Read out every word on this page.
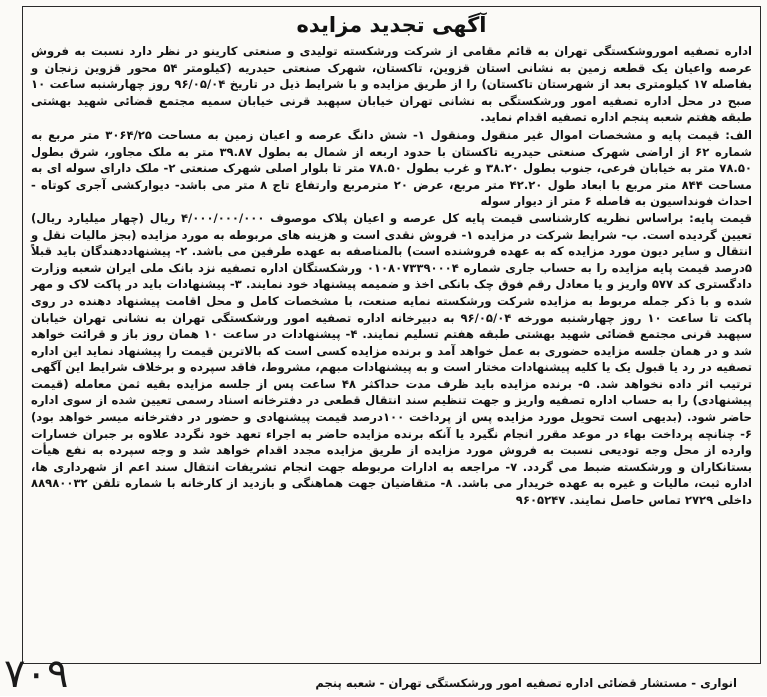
آگهی تجدید مزایده

اداره تصفیه اموروشکستگی تهران به قائم مقامی از شرکت ورشکسته تولیدی و صنعتی کارینو در نظر دارد نسبت به فروش عرصه واعیان یک قطعه زمین به نشانی استان قزوین، تاکستان، شهرک صنعتی حیدریه (کیلومتر ۵۴ محور قزوین زنجان و بفاصله ۱۷ کیلومتری بعد از شهرستان تاکستان) را از طریق مزایده و با شرایط ذیل در تاریخ ۹۶/۰۵/۰۴ روز چهارشنبه ساعت ۱۰ صبح در محل اداره تصفیه امور ورشکستگی به نشانی تهران خیابان سپهبد قرنی خیابان سمیه مجتمع قضائی شهید بهشتی طبقه هفتم شعبه پنجم اداره تصفیه اقدام نماید.

الف: قیمت پایه و مشخصات اموال غیر منقول ومنقول ۱- شش دانگ عرصه و اعیان زمین به مساحت ۳۰۶۴/۲۵ متر مربع به شماره ۶۲ از اراضی شهرک صنعتی حیدریه تاکستان با حدود اربعه از شمال به بطول ۳۹.۸۷ متر به ملک مجاور، شرق بطول ۷۸.۵۰ متر به خیابان فرعی، جنوب بطول ۳۸.۲۰ و غرب بطول ۷۸.۵۰ متر تا بلوار اصلی شهرک صنعتی ۲- ملک دارای سوله ای به مساحت ۸۴۴ متر مربع با ابعاد طول ۴۲.۲۰ متر مربع، عرض ۲۰ مترمربع وارتفاع تاج ۸ متر می باشد- دیوارکشی آجری کوتاه - احداث فونداسیون به فاصله ۶ متر از دیوار سوله

قیمت پایه: براساس نظریه کارشناسی قیمت پایه کل عرصه و اعیان پلاک موصوف ۴/۰۰۰/۰۰۰/۰۰۰ ریال (چهار میلیارد ریال) تعیین گردیده است. ب- شرایط شرکت در مزایده ۱- فروش نقدی است و هزینه های مربوطه به مورد مزایده (بجز مالیات نقل و انتقال و سایر دیون مورد مزایده که به عهده فروشنده است) بالمناصفه به عهده طرفین می باشد. ۲- پیشنهاددهندگان باید قبلاً ۵درصد قیمت پایه مزایده را به حساب جاری شماره ۰۱۰۸۰۷۳۳۹۰۰۰۴ ورشکستگان اداره تصفیه نزد بانک ملی ایران شعبه وزارت دادگستری کد ۵۷۷ واریز و یا معادل رقم فوق چک بانکی اخذ و ضمیمه پیشنهاد خود نمایند. ۳- پیشنهادات باید در پاکت لاک و مهر شده و با ذکر جمله مربوط به مزایده شرکت ورشکسته نمایه صنعت، با مشخصات کامل و محل اقامت پیشنهاد دهنده در روی پاکت تا ساعت ۱۰ روز چهارشنبه مورخه ۹۶/۰۵/۰۴ به دبیرخانه اداره تصفیه امور ورشکستگی تهران به نشانی تهران خیابان سپهبد قرنی مجتمع قضائی شهید بهشتی طبقه هفتم تسلیم نمایند. ۴- پیشنهادات در ساعت ۱۰ همان روز باز و قرائت خواهد شد و در همان جلسه مزایده حضوری به عمل خواهد آمد و برنده مزایده کسی است که بالاترین قیمت را پیشنهاد نماید این اداره تصفیه در رد یا قبول یک یا کلیه پیشنهادات مختار است و به پیشنهادات مبهم، مشروط، فاقد سپرده و برخلاف شرایط این آگهی ترتیب اثر داده نخواهد شد. ۵- برنده مزایده باید ظرف مدت حداکثر ۴۸ ساعت پس از جلسه مزایده بقیه ثمن معامله (قیمت پیشنهادی) را به حساب اداره تصفیه واریز و جهت تنظیم سند انتقال قطعی در دفترخانه اسناد رسمی تعیین شده از سوی اداره حاضر شود. (بدیهی است تحویل مورد مزایده پس از پرداخت ۱۰۰درصد قیمت پیشنهادی و حضور در دفترخانه میسر خواهد بود) ۶- چنانچه پرداخت بهاء در موعد مقرر انجام نگیرد یا آنکه برنده مزایده حاضر به اجراء تعهد خود نگردد علاوه بر جبران خسارات وارده از محل وجه تودیعی نسبت به فروش مورد مزایده از طریق مزایده مجدد اقدام خواهد شد و وجه سپرده به نفع هیأت بستانکاران و ورشکسته ضبط می گردد. ۷- مراجعه به ادارات مربوطه جهت انجام تشریفات انتقال سند اعم از شهرداری ها، اداره ثبت، مالیات و غیره به عهده خریدار می باشد. ۸- متقاضیان جهت هماهنگی و بازدید از کارخانه با شماره تلفن ۸۸۹۸۰۰۳۲ داخلی ۲۷۲۹ تماس حاصل نمایند. ۹۶۰۵۲۴۷

انواری - مستشار قضائی اداره تصفیه امور ورشکستگی تهران - شعبه پنجم
۷۰۹
